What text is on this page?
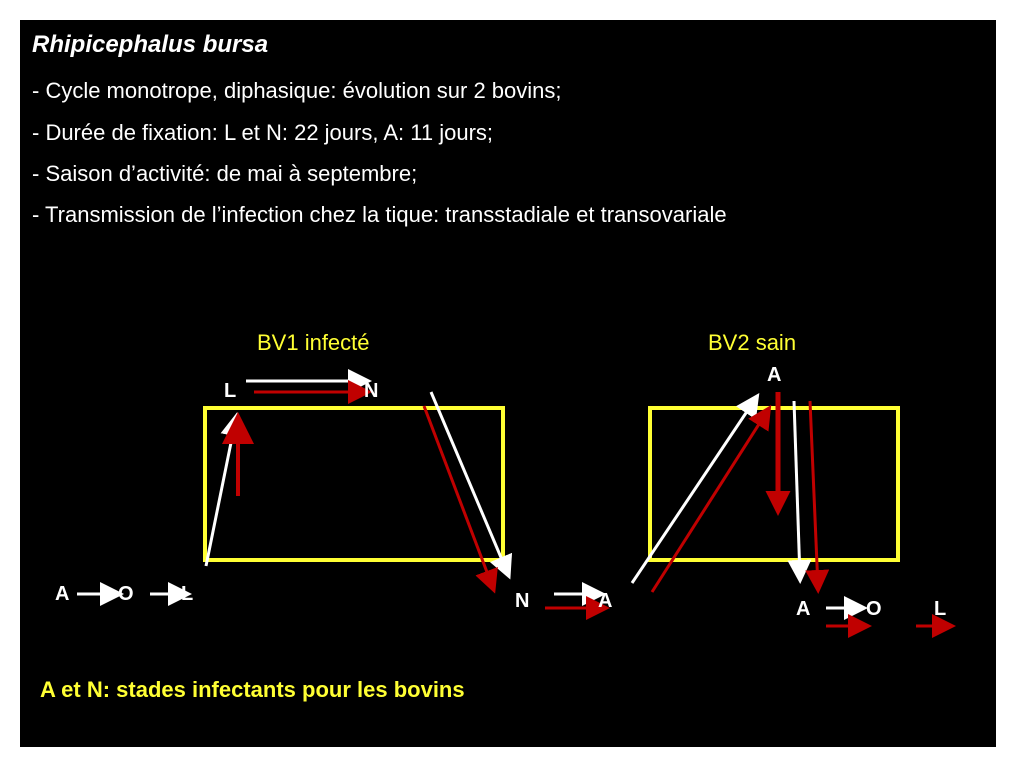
Rhipicephalus bursa
- Cycle monotrope, diphasique: évolution sur 2 bovins;
- Durée de fixation: L et N: 22 jours, A: 11 jours;
- Saison d’activité: de mai à septembre;
- Transmission de l’infection chez la tique: transstadiale et transovariale
BV1 infecté	BV2 sain
L	N
A O L	N	A
A
A	O	L
A et N: stades infectants pour les bovins
